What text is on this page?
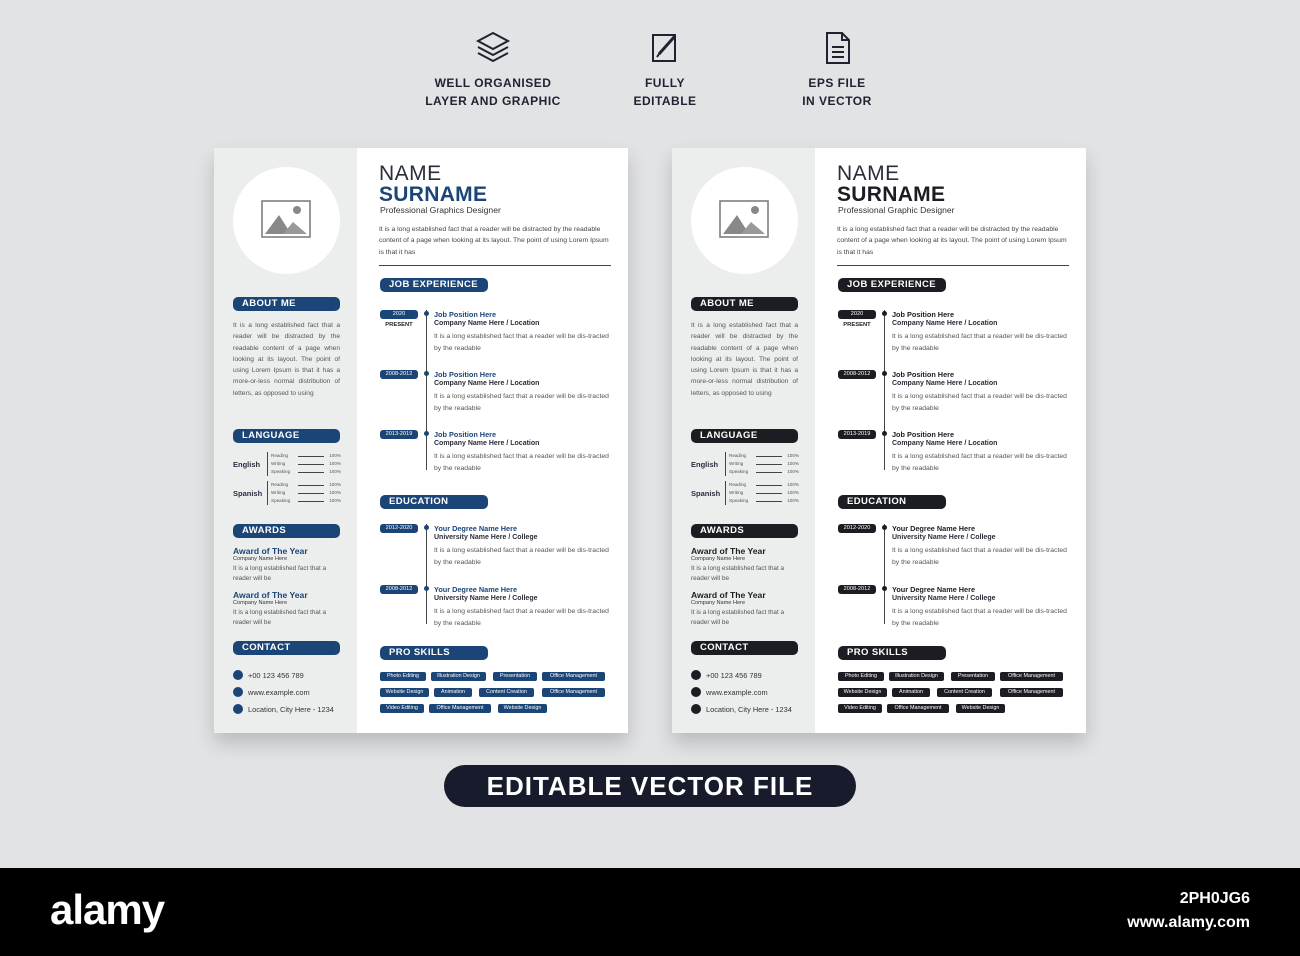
WELL ORGANISED
LAYER AND GRAPHIC
FULLY
EDITABLE
EPS FILE
IN VECTOR
ABOUT ME
It is a long established fact that a reader will be distracted by the readable content of a page when looking at its layout. The point of using Lorem Ipsum is that it has a more-or-less normal distribution of letters, as opposed to using
LANGUAGE
English
Reading	100%
Writing	100%
Speaking	100%
Spanish
Reading	100%
Writing	100%
Speaking	100%
AWARDS
Award of The Year
Company Name Here
It is a long established fact that a reader will be
Award of The Year
Company Name Here
It is a long established fact that a reader will be
CONTACT
+00 123 456 789
www.example.com
Location, City Here - 1234
NAME
SURNAME
Professional Graphics Designer
It is a long established fact that a reader will be distracted by the readable content of a page when looking at its layout. The point of using Lorem Ipsum is that it has
JOB EXPERIENCE
2020
PRESENT
Job Position Here
Company Name Here / Location
It is a long established fact that a reader will be dis-tracted by the readable
2008-2012	Job Position Here
Company Name Here / Location
It is a long established fact that a reader will be dis-tracted by the readable
2013-2019	Job Position Here
Company Name Here / Location
It is a long established fact that a reader will be dis-tracted by the readable
EDUCATION
2012-2020	Your Degree Name Here
University Name Here / College
It is a long established fact that a reader will be dis-tracted by the readable
2008-2012	Your Degree Name Here
University Name Here / College
It is a long established fact that a reader will be dis-tracted by the readable
PRO SKILLS
Photo Editing	Illustration Design	Presentation	Office Management
Website Design	Animation	Content Creation	Office Management
Video Editing	Office Management	Website Design
ABOUT ME
It is a long established fact that a reader will be distracted by the readable content of a page when looking at its layout. The point of using Lorem Ipsum is that it has a more-or-less normal distribution of letters, as opposed to using
LANGUAGE
English
Reading	100%
Writing	100%
Speaking	100%
Spanish
Reading	100%
Writing	100%
Speaking	100%
AWARDS
Award of The Year
Company Name Here
It is a long established fact that a reader will be
Award of The Year
Company Name Here
It is a long established fact that a reader will be
CONTACT
+00 123 456 789
www.example.com
Location, City Here - 1234
NAME
SURNAME
Professional Graphic Designer
It is a long established fact that a reader will be distracted by the readable content of a page when looking at its layout. The point of using Lorem Ipsum is that it has
JOB EXPERIENCE
2020
PRESENT
Job Position Here
Company Name Here / Location
It is a long established fact that a reader will be dis-tracted by the readable
2008-2012	Job Position Here
Company Name Here / Location
It is a long established fact that a reader will be dis-tracted by the readable
2013-2019	Job Position Here
Company Name Here / Location
It is a long established fact that a reader will be dis-tracted by the readable
EDUCATION
2012-2020	Your Degree Name Here
University Name Here / College
It is a long established fact that a reader will be dis-tracted by the readable
2008-2012	Your Degree Name Here
University Name Here / College
It is a long established fact that a reader will be dis-tracted by the readable
PRO SKILLS
Photo Editing	Illustration Design	Presentation	Office Management
Website Design	Animation	Content Creation	Office Management
Video Editing	Office Management	Website Design
EDITABLE VECTOR FILE
alamy	2PH0JG6
www.alamy.com
